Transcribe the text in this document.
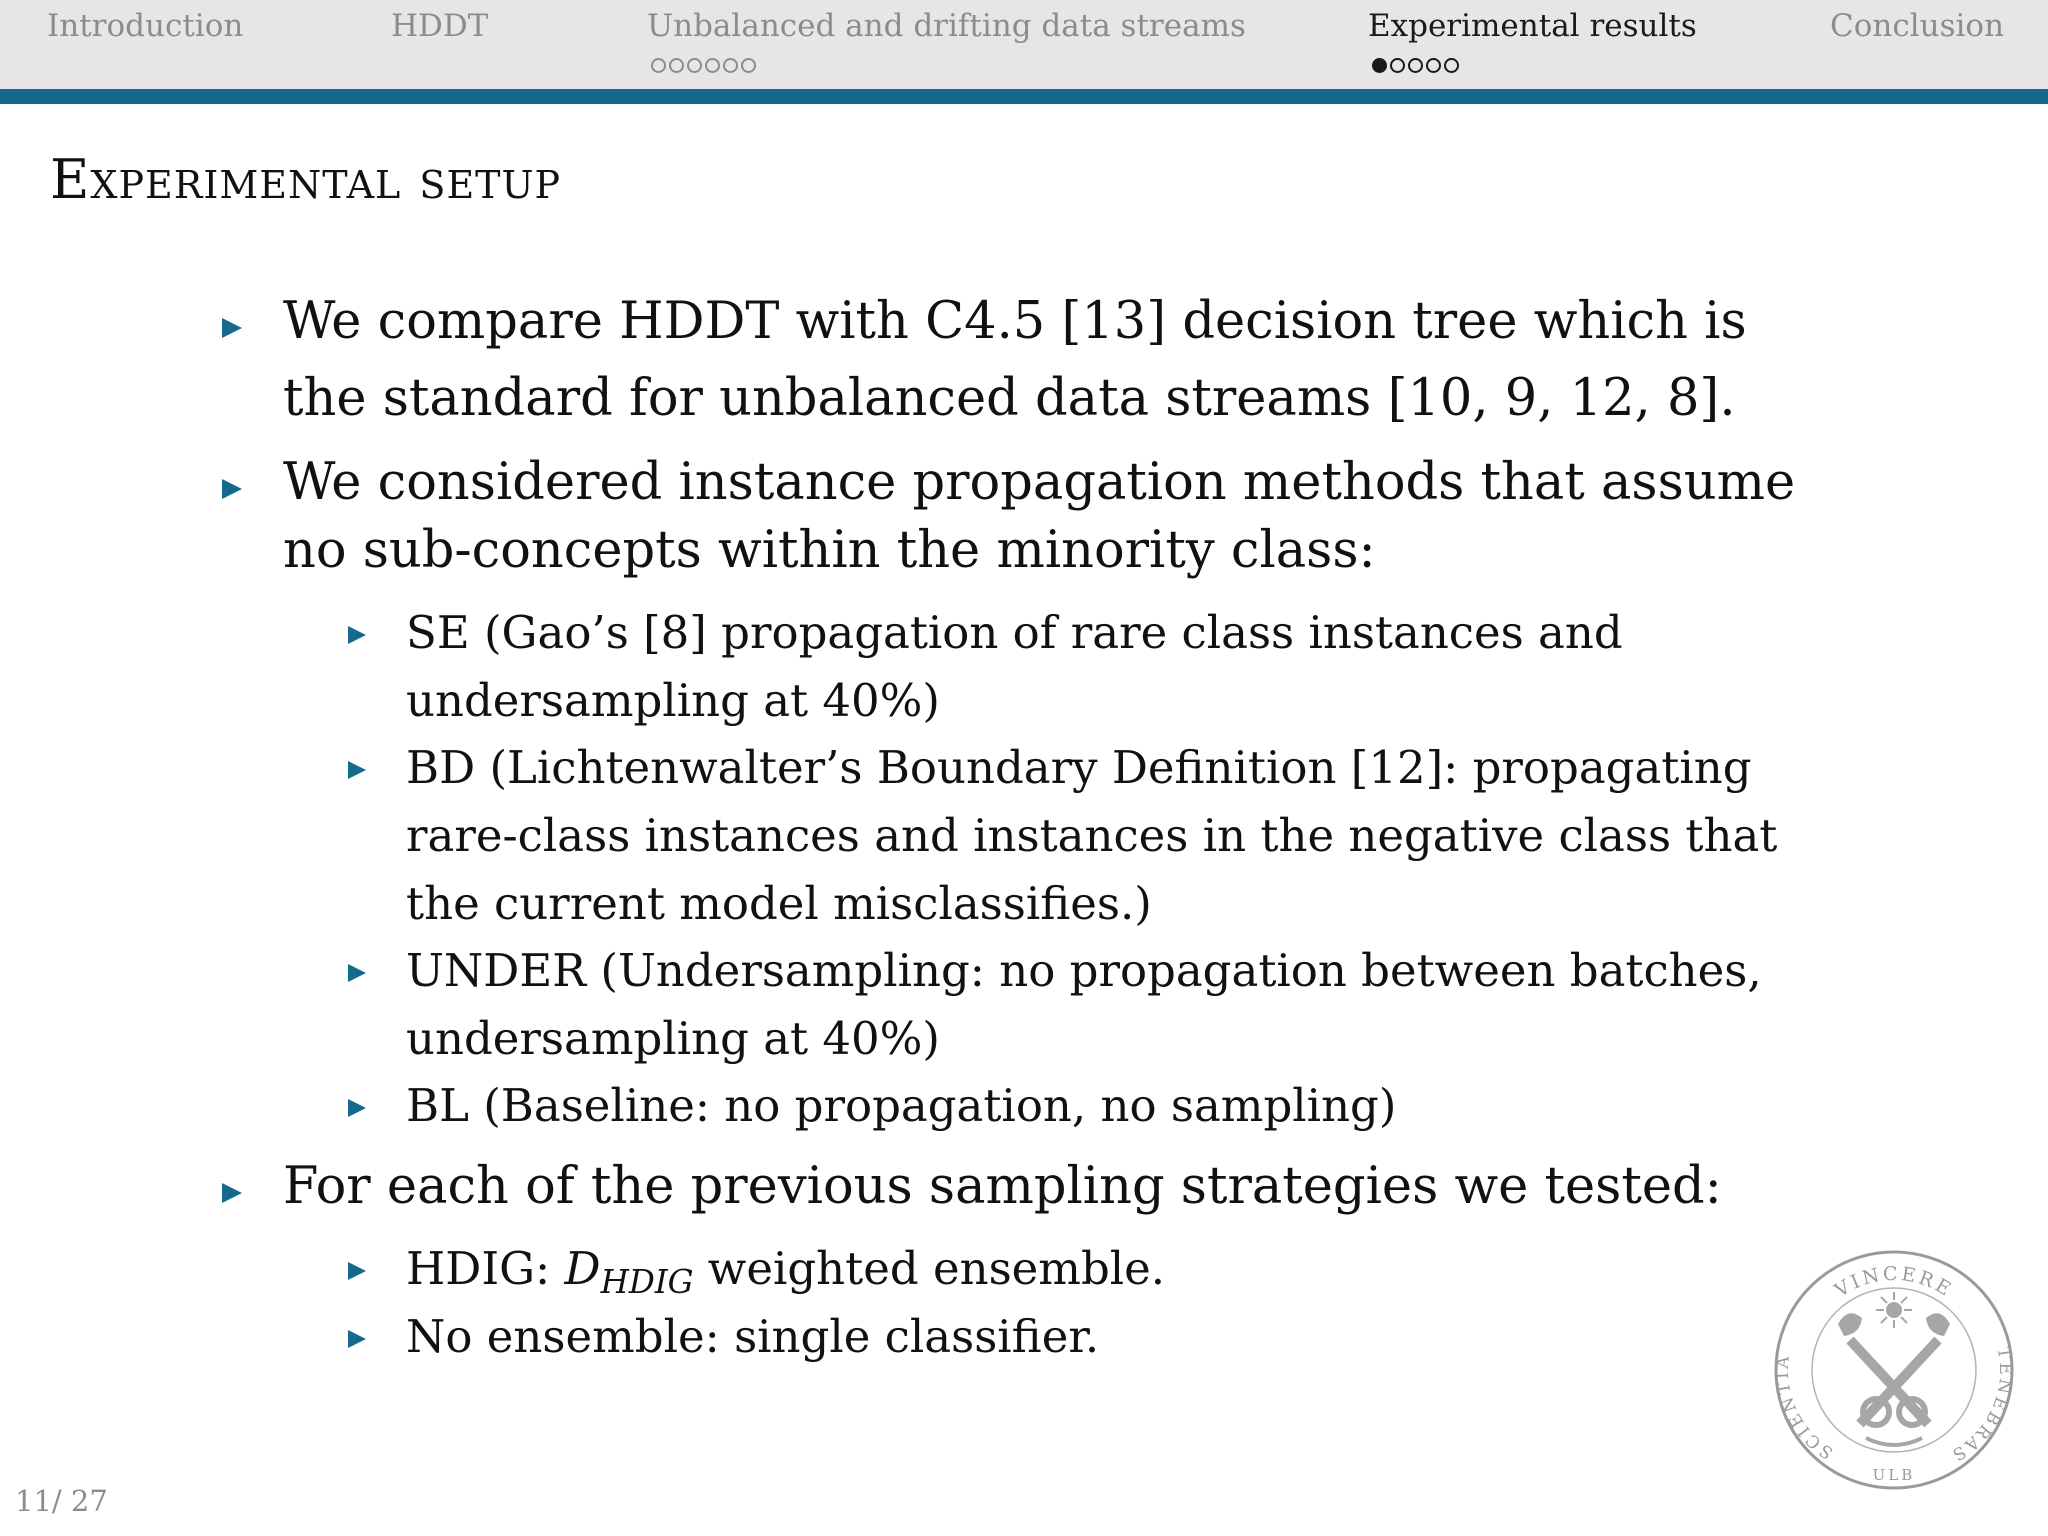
Introduction	HDDT	Unbalanced and drifting data streams	Experimental results	Conclusion
Experimental setup
We compare HDDT with C4.5 [13] decision tree which is
the standard for unbalanced data streams [10, 9, 12, 8].
We considered instance propagation methods that assume
no sub-concepts within the minority class:
SE (Gao’s [8] propagation of rare class instances and
undersampling at 40%)
BD (Lichtenwalter’s Boundary Definition [12]: propagating
rare-class instances and instances in the negative class that
the current model misclassifies.)
UNDER (Undersampling: no propagation between batches,
undersampling at 40%)
BL (Baseline: no propagation, no sampling)
For each of the previous sampling strategies we tested:
HDIG: $D_{HDIG}$ weighted ensemble.
No ensemble: single classifier.
VINCERE
SCIENTIA	TENEBRAS
ULB
11/ 27
